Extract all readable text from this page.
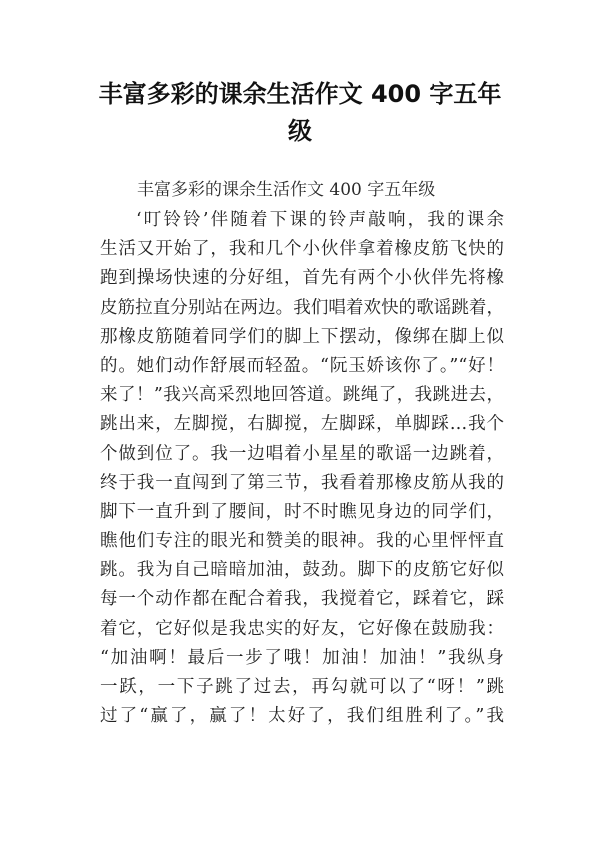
丰富多彩的课余生活作文 400 字五年
级
丰富多彩的课余生活作文 400 字五年级
‘叮铃铃’伴随着下课的铃声敲响，我的课余
生活又开始了，我和几个小伙伴拿着橡皮筋飞快的
跑到操场快速的分好组，首先有两个小伙伴先将橡
皮筋拉直分别站在两边。我们唱着欢快的歌谣跳着，
那橡皮筋随着同学们的脚上下摆动，像绑在脚上似
的。她们动作舒展而轻盈。“阮玉娇该你了。”“好！
来了！”我兴高采烈地回答道。跳绳了，我跳进去，
跳出来，左脚搅，右脚搅，左脚踩，单脚踩…我个
个做到位了。我一边唱着小星星的歌谣一边跳着，
终于我一直闯到了第三节，我看着那橡皮筋从我的
脚下一直升到了腰间，时不时瞧见身边的同学们，
瞧他们专注的眼光和赞美的眼神。我的心里怦怦直
跳。我为自己暗暗加油，鼓劲。脚下的皮筋它好似
每一个动作都在配合着我，我搅着它，踩着它，踩
着它，它好似是我忠实的好友，它好像在鼓励我：
“加油啊！最后一步了哦！加油！加油！”我纵身
一跃，一下子跳了过去，再勾就可以了“呀！”跳
过了“赢了，赢了！太好了，我们组胜利了。”我
